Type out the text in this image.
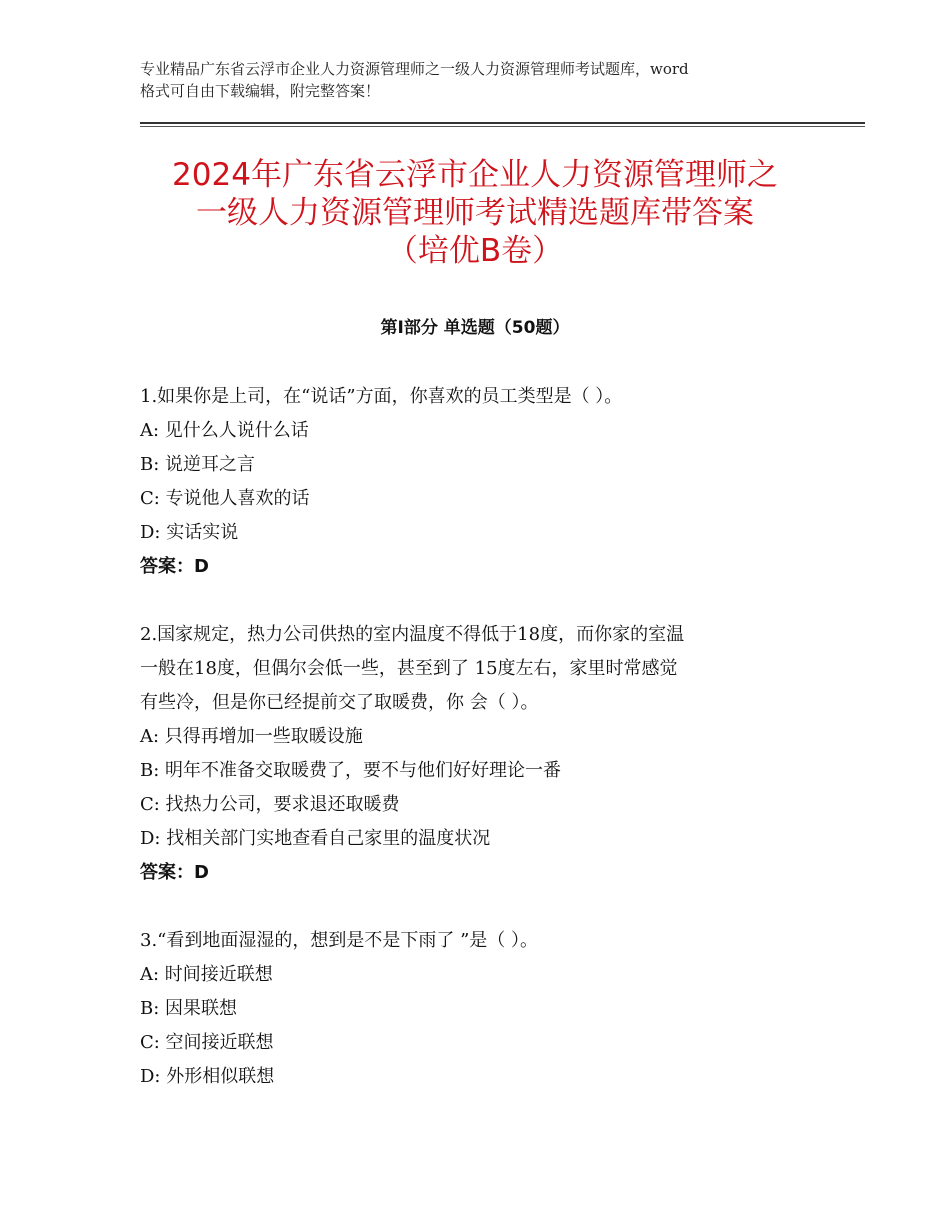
专业精品广东省云浮市企业人力资源管理师之一级人力资源管理师考试题库，word
格式可自由下载编辑，附完整答案！
2024年广东省云浮市企业人力资源管理师之
一级人力资源管理师考试精选题库带答案
（培优B卷）
第Ⅰ部分 单选题（50题）
1.如果你是上司，在“说话”方面，你喜欢的员工类型是（ ）。
A: 见什么人说什么话
B: 说逆耳之言
C: 专说他人喜欢的话
D: 实话实说
答案：D
2.国家规定，热力公司供热的室内温度不得低于18度，而你家的室温
一般在18度，但偶尔会低一些，甚至到了 15度左右，家里时常感觉
有些冷，但是你已经提前交了取暖费，你 会（ ）。
A: 只得再增加一些取暖设施
B: 明年不准备交取暖费了，要不与他们好好理论一番
C: 找热力公司，要求退还取暖费
D: 找相关部门实地查看自己家里的温度状况
答案：D
3.“看到地面湿湿的，想到是不是下雨了 ”是（ ）。
A: 时间接近联想
B: 因果联想
C: 空间接近联想
D: 外形相似联想
